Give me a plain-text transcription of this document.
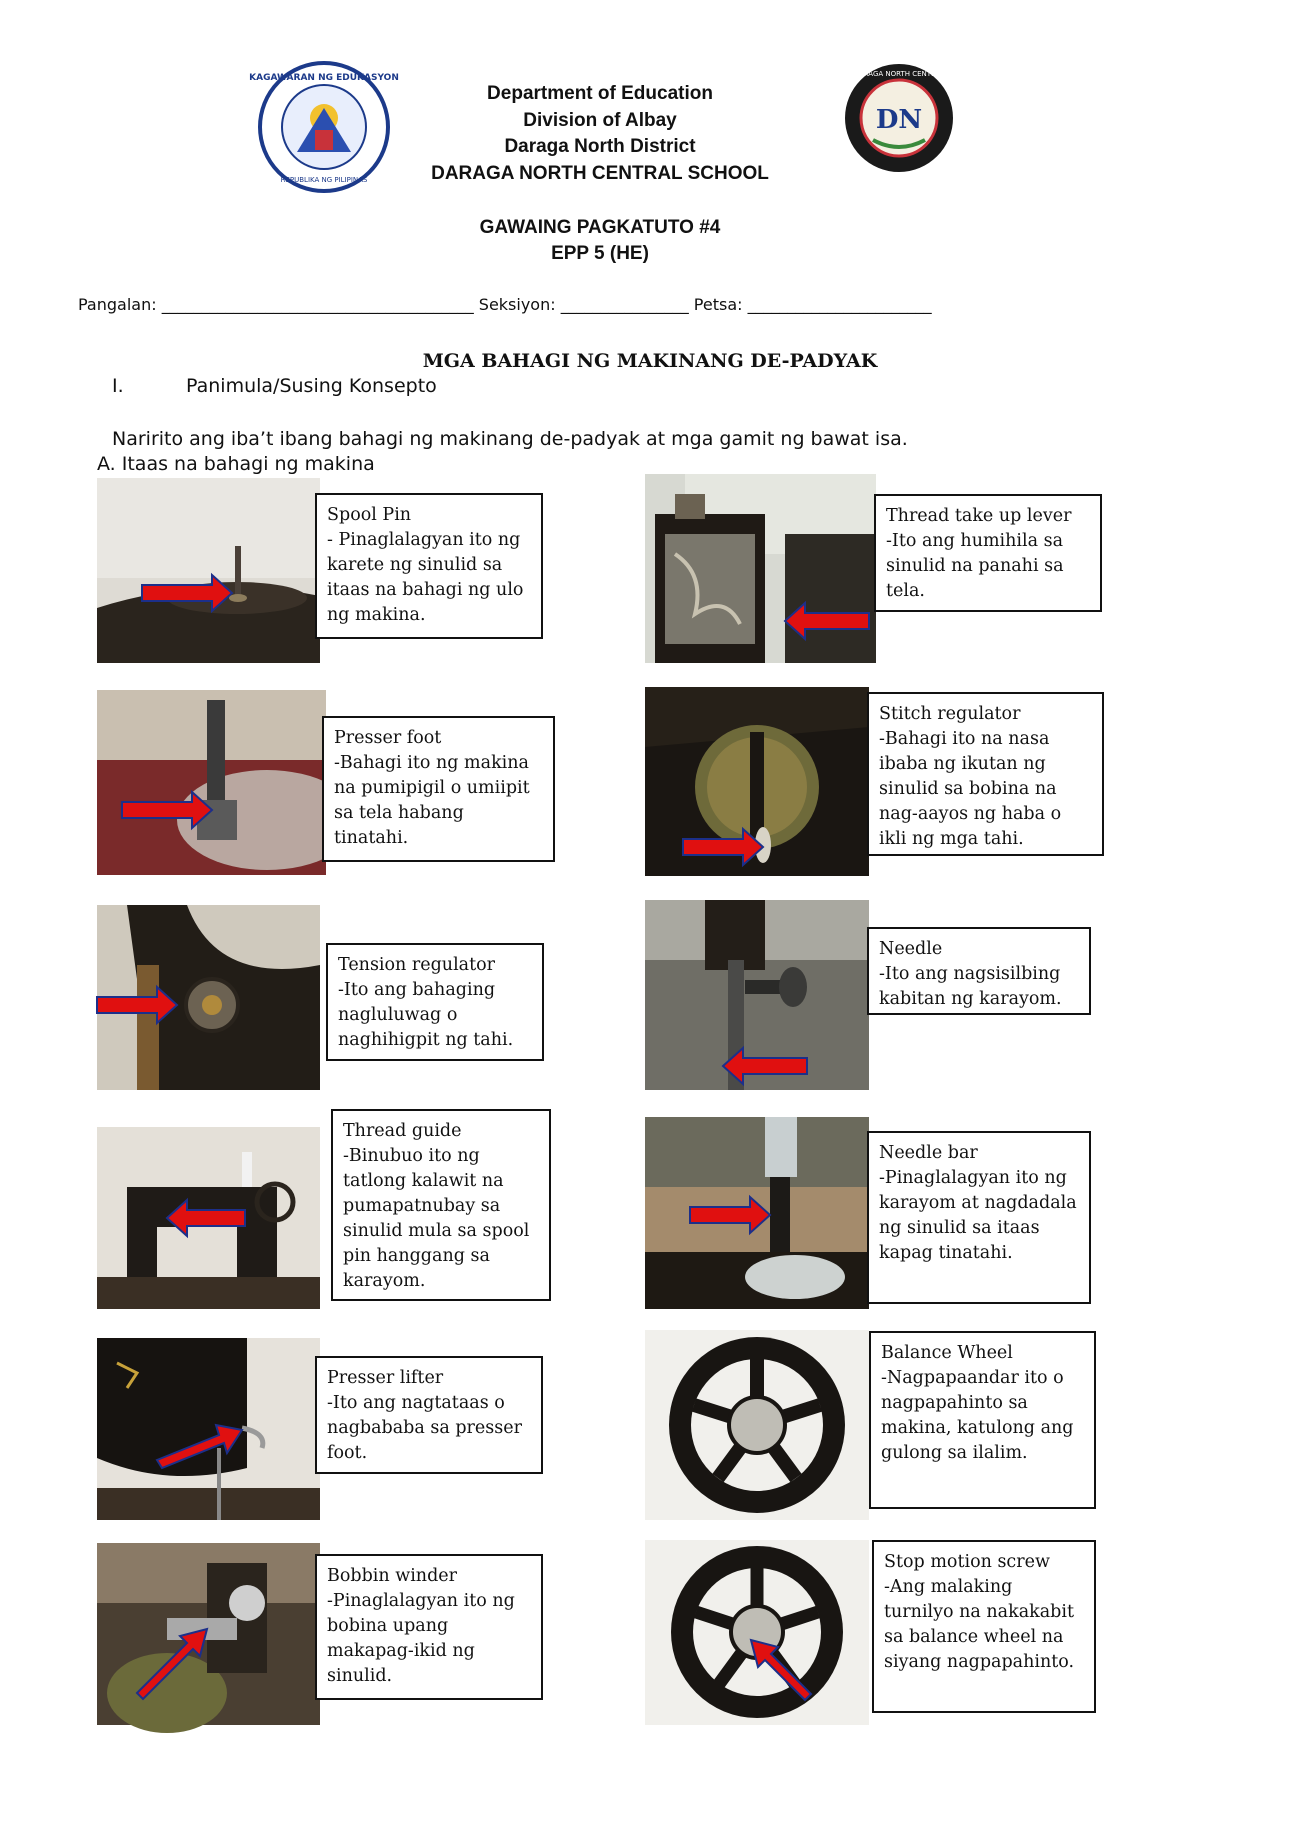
KAGAWARAN NG EDUKASYON
REPUBLIKA NG PILIPINAS
DN
DARAGA NORTH CENTRAL
Department of Education
Division of Albay
Daraga North District
DARAGA NORTH CENTRAL SCHOOL
GAWAING PAGKATUTO #4
EPP 5 (HE)
Pangalan: _______________________________________ Seksiyon: ________________ Petsa: _______________________
MGA BAHAGI NG MAKINANG DE-PADYAK
I.	Panimula/Susing Konsepto
Naririto ang iba’t ibang bahagi ng makinang de-padyak at mga gamit ng bawat isa.
A. Itaas na bahagi ng makina
Spool Pin
- Pinaglalagyan ito ng karete ng sinulid sa itaas na bahagi ng ulo ng makina.
Presser foot
-Bahagi ito ng makina na pumipigil o umiipit sa tela habang tinatahi.
Tension regulator
-Ito ang bahaging nagluluwag o naghihigpit ng tahi.
Thread guide
-Binubuo ito ng tatlong kalawit na pumapatnubay sa sinulid mula sa spool pin hanggang sa karayom.
Presser lifter
-Ito ang nagtataas o nagbababa sa presser foot.
Bobbin winder
-Pinaglalagyan ito ng bobina upang makapag-ikid ng sinulid.
Thread take up lever
-Ito ang humihila sa sinulid na panahi sa tela.
Stitch regulator
-Bahagi ito na nasa ibaba ng ikutan ng sinulid sa bobina na nag-aayos ng haba o ikli ng mga tahi.
Needle
-Ito ang nagsisilbing kabitan ng karayom.
Needle bar
-Pinaglalagyan ito ng karayom at nagdadala ng sinulid sa itaas kapag tinatahi.
Balance Wheel
-Nagpapaandar ito o nagpapahinto sa makina, katulong ang gulong sa ilalim.
Stop motion screw
-Ang malaking turnilyo na nakakabit sa balance wheel na siyang nagpapahinto.
